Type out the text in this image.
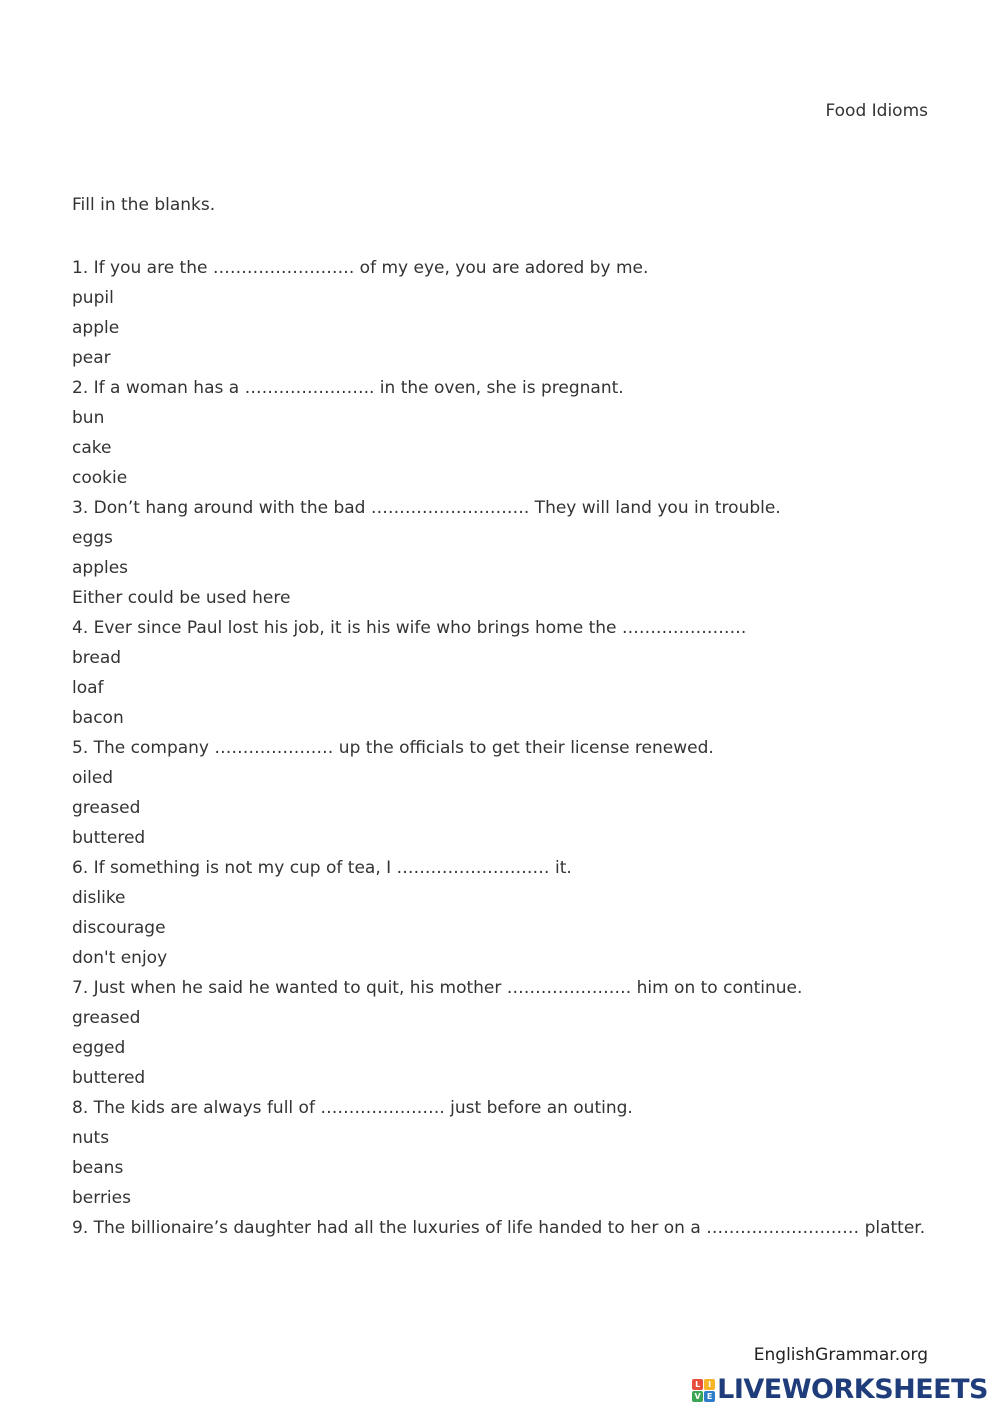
Food Idioms
Fill in the blanks.
1. If you are the ……………………. of my eye, you are adored by me.
pupil
apple
pear
2. If a woman has a ………………….. in the oven, she is pregnant.
bun
cake
cookie
3. Don’t hang around with the bad ………………………. They will land you in trouble.
eggs
apples
Either could be used here
4. Ever since Paul lost his job, it is his wife who brings home the ………………….
bread
loaf
bacon
5. The company ………………… up the officials to get their license renewed.
oiled
greased
buttered
6. If something is not my cup of tea, I ……………………… it.
dislike
discourage
don't enjoy
7. Just when he said he wanted to quit, his mother …………………. him on to continue.
greased
egged
buttered
8. The kids are always full of …………………. just before an outing.
nuts
beans
berries
9. The billionaire’s daughter had all the luxuries of life handed to her on a ……………………… platter.
EnglishGrammar.org
L I
V E LIVEWORKSHEETS
